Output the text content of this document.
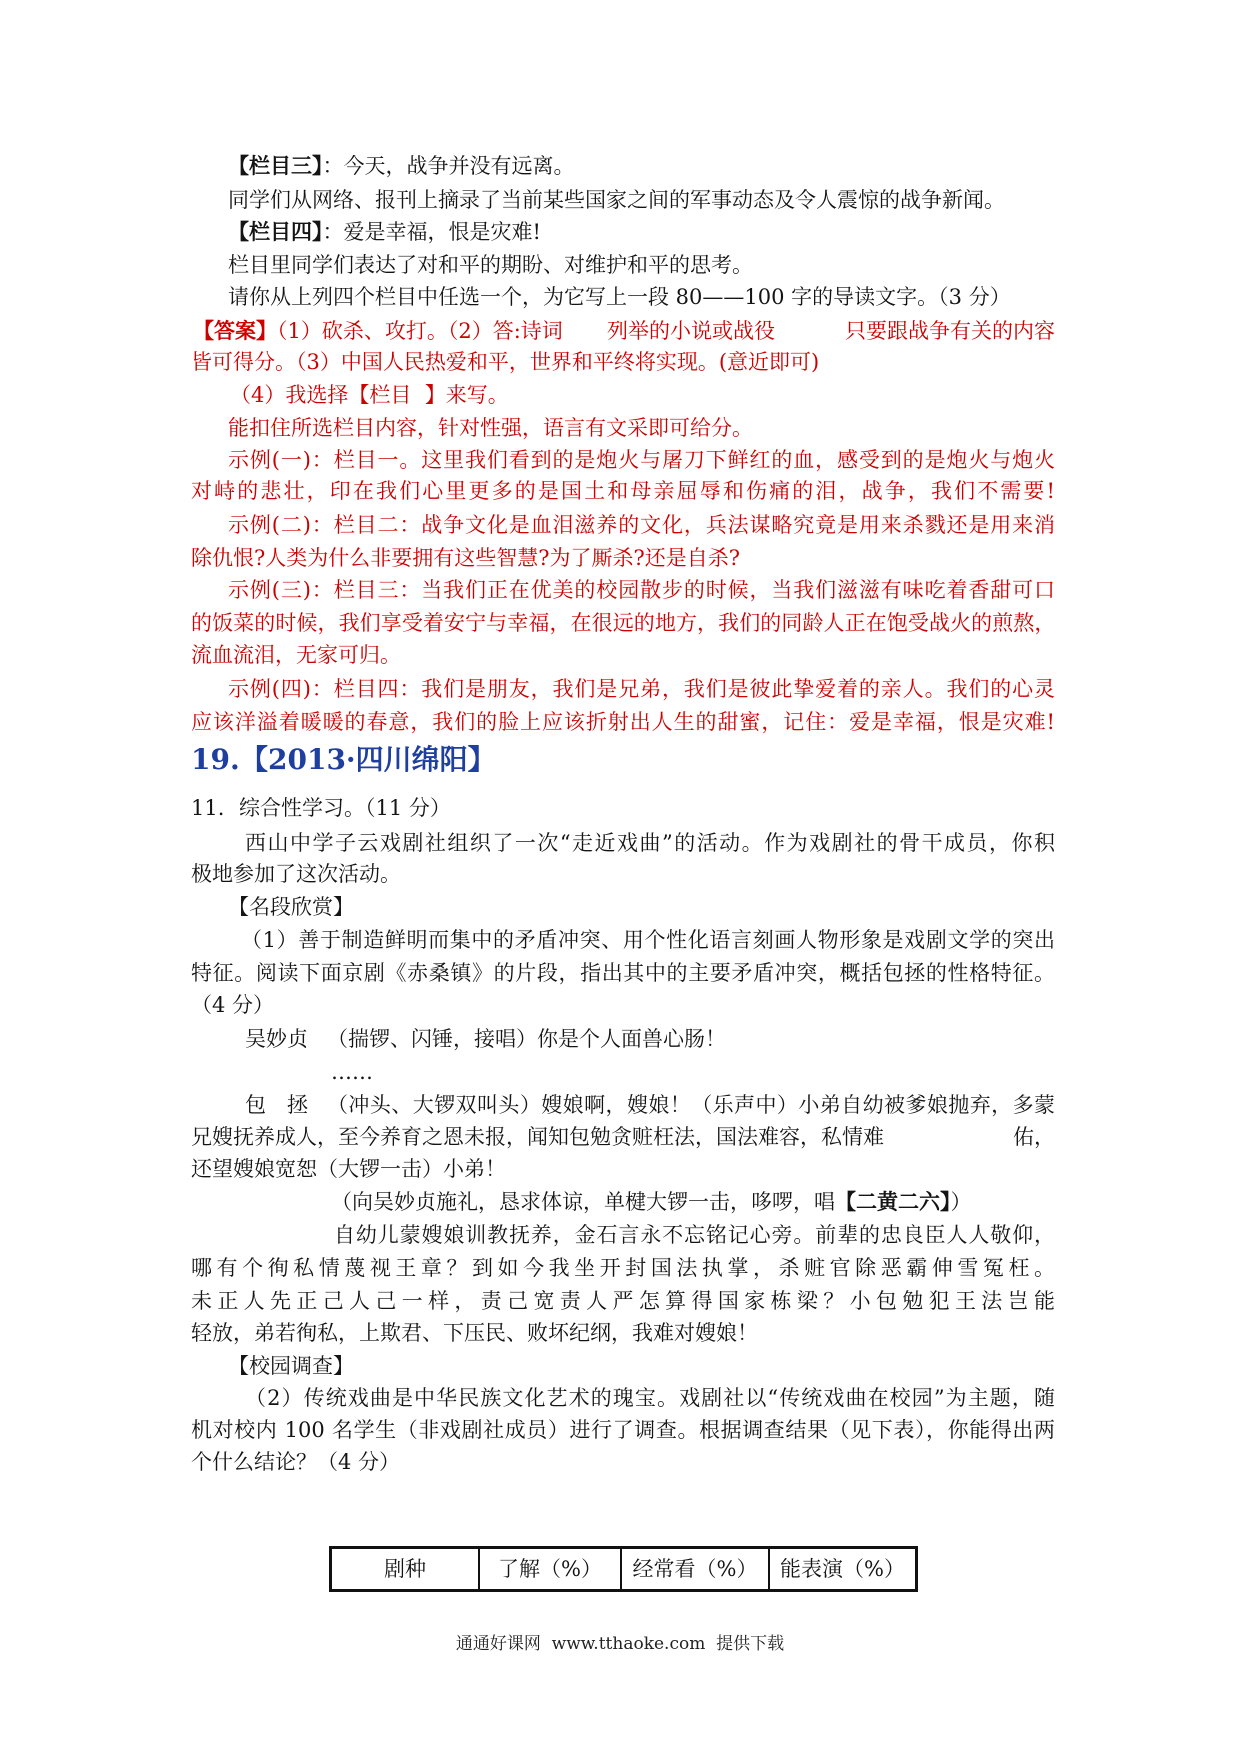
【栏目三】：今天，战争并没有远离。
同学们从网络、报刊上摘录了当前某些国家之间的军事动态及令人震惊的战争新闻。
【栏目四】：爱是幸福，恨是灾难!
栏目里同学们表达了对和平的期盼、对维护和平的思考。
请你从上列四个栏目中任选一个，为它写上一段 80——100 字的导读文字。（3 分）
【答案】（1）砍杀、攻打。（2）答:诗词 列举的小说或战役	只要跟战争有关的内容
皆可得分。（3）中国人民热爱和平，世界和平终将实现。(意近即可)
（4）我选择【栏目  】来写。
能扣住所选栏目内容，针对性强，语言有文采即可给分。
示例(一)：栏目一。这里我们看到的是炮火与屠刀下鲜红的血，感受到的是炮火与炮火
对峙的悲壮，印在我们心里更多的是国土和母亲屈辱和伤痛的泪，战争，我们不需要!
示例(二)：栏目二：战争文化是血泪滋养的文化，兵法谋略究竟是用来杀戮还是用来消
除仇恨?人类为什么非要拥有这些智慧?为了厮杀?还是自杀?
示例(三)：栏目三：当我们正在优美的校园散步的时候，当我们滋滋有味吃着香甜可口
的饭菜的时候，我们享受着安宁与幸福，在很远的地方，我们的同龄人正在饱受战火的煎熬，
流血流泪，无家可归。
示例(四)：栏目四：我们是朋友，我们是兄弟，我们是彼此挚爱着的亲人。我们的心灵
应该洋溢着暖暖的春意，我们的脸上应该折射出人生的甜蜜，记住：爱是幸福，恨是灾难!
19. 【2013·四川绵阳】
11. 综合性学习。（11 分）
西山中学子云戏剧社组织了一次“走近戏曲”的活动。作为戏剧社的骨干成员，你积
极地参加了这次活动。
【名段欣赏】
（1）善于制造鲜明而集中的矛盾冲突、用个性化语言刻画人物形象是戏剧文学的突出
特征。阅读下面京剧《赤桑镇》的片段，指出其中的主要矛盾冲突，概括包拯的性格特征。
（4 分）
吴妙贞 （揣锣、闪锤，接唱）你是个人面兽心肠！
……
包　拯 （冲头、大锣双叫头）嫂娘啊，嫂娘！（乐声中）小弟自幼被爹娘抛弃，多蒙
兄嫂抚养成人，至今养育之恩未报，闻知包勉贪赃枉法，国法难容，私情难	佑，
还望嫂娘宽恕（大锣一击）小弟！
（向吴妙贞施礼，恳求体谅，单楗大锣一击，哆啰，唱【二黄二六】）
自幼儿蒙嫂娘训教抚养，金石言永不忘铭记心旁。前辈的忠良臣人人敬仰，
哪有个徇私情蔑视王章？到如今我坐开封国法执掌，杀赃官除恶霸伸雪冤枉。
未正人先正己人己一样，责己宽责人严怎算得国家栋梁？小包勉犯王法岂能
轻放，弟若徇私，上欺君、下压民、败坏纪纲，我难对嫂娘！
【校园调查】
（2）传统戏曲是中华民族文化艺术的瑰宝。戏剧社以“传统戏曲在校园”为主题，随
机对校内 100 名学生（非戏剧社成员）进行了调查。根据调查结果（见下表），你能得出两
个什么结论？（4 分）
剧种	了解（%）	经常看（%）	能表演（%）
通通好课网  www.tthaoke.com  提供下载
